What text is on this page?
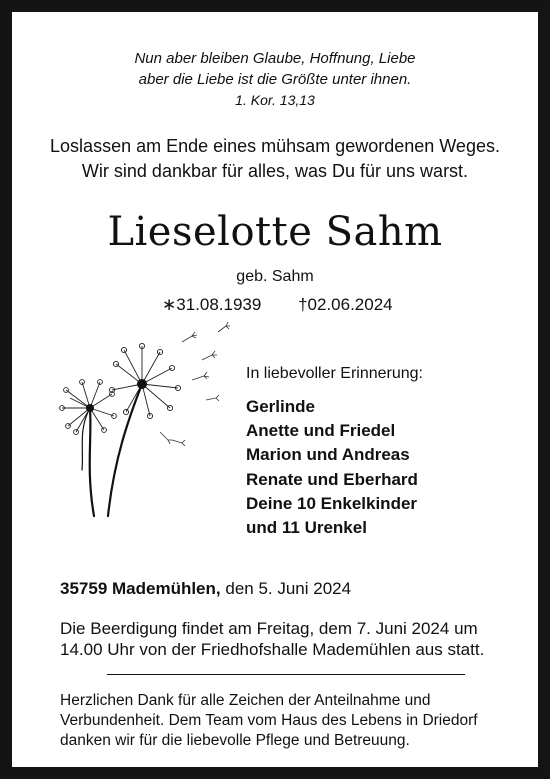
Nun aber bleiben Glaube, Hoffnung, Liebe
aber die Liebe ist die Größte unter ihnen.
1. Kor. 13,13
Loslassen am Ende eines mühsam gewordenen Weges.
Wir sind dankbar für alles, was Du für uns warst.
Lieselotte Sahm
geb. Sahm
∗31.08.1939 †02.06.2024
In liebevoller Erinnerung:
Gerlinde
Anette und Friedel
Marion und Andreas
Renate und Eberhard
Deine 10 Enkelkinder
und 11 Urenkel
35759 Mademühlen, den 5. Juni 2024
Die Beerdigung findet am Freitag, dem 7. Juni 2024 um 14.00 Uhr von der Friedhofshalle Mademühlen aus statt.
Herzlichen Dank für alle Zeichen der Anteilnahme und Verbundenheit. Dem Team vom Haus des Lebens in Driedorf danken wir für die liebevolle Pflege und Betreuung.
